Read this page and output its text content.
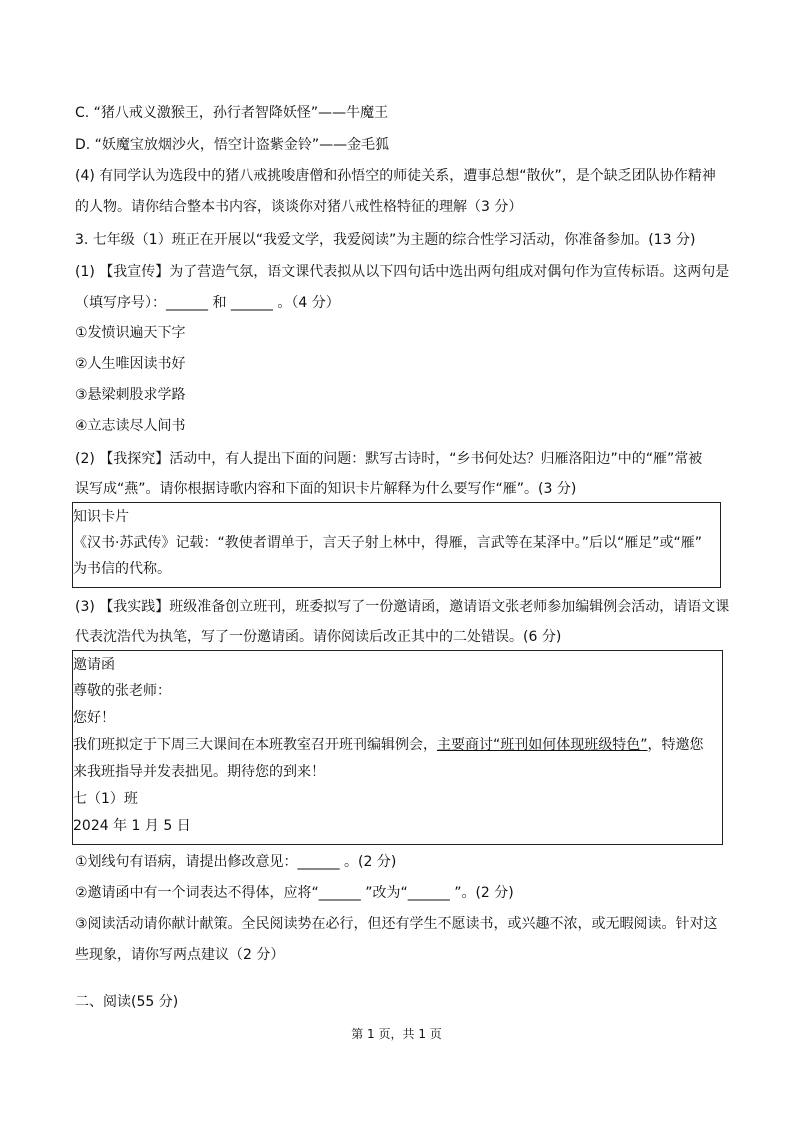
C. “猪八戒义激猴王，孙行者智降妖怪”——牛魔王
D. “妖魔宝放烟沙火，悟空计盗紫金铃”——金毛狐
(4) 有同学认为选段中的猪八戒挑唆唐僧和孙悟空的师徒关系，遭事总想“散伙”，是个缺乏团队协作精神
的人物。请你结合整本书内容，谈谈你对猪八戒性格特征的理解（3 分）
3. 七年级（1）班正在开展以“我爱文学，我爱阅读”为主题的综合性学习活动，你准备参加。(13 分)
(1) 【我宣传】为了营造气氛，语文课代表拟从以下四句话中选出两句组成对偶句作为宣传标语。这两句是
（填写序号）：______ 和 ______ 。（4 分）
①发愤识遍天下字
②人生唯因读书好
③悬梁刺股求学路
④立志读尽人间书
(2) 【我探究】活动中，有人提出下面的问题：默写古诗时，“乡书何处达？归雁洛阳边”中的“雁”常被
误写成“燕”。请你根据诗歌内容和下面的知识卡片解释为什么要写作“雁”。(3 分)
知识卡片
《汉书·苏武传》记载：“教使者谓单于，言天子射上林中，得雁，言武等在某泽中。”后以“雁足”或“雁”
为书信的代称。
(3) 【我实践】班级准备创立班刊，班委拟写了一份邀请函，邀请语文张老师参加编辑例会活动，请语文课
代表沈浩代为执笔，写了一份邀请函。请你阅读后改正其中的二处错误。(6 分)
邀请函
尊敬的张老师：
您好！
我们班拟定于下周三大课间在本班教室召开班刊编辑例会，主要商讨“班刊如何体现班级特色”，特邀您
来我班指导并发表拙见。期待您的到来！
七（1）班
2024 年 1 月 5 日
①划线句有语病，请提出修改意见：______ 。(2 分)
②邀请函中有一个词表达不得体，应将“______ ”改为“______ ”。(2 分)
③阅读活动请你献计献策。全民阅读势在必行，但还有学生不愿读书，或兴趣不浓，或无暇阅读。针对这
些现象，请你写两点建议（2 分）
二、阅读(55 分)
第 1 页，共 1 页
